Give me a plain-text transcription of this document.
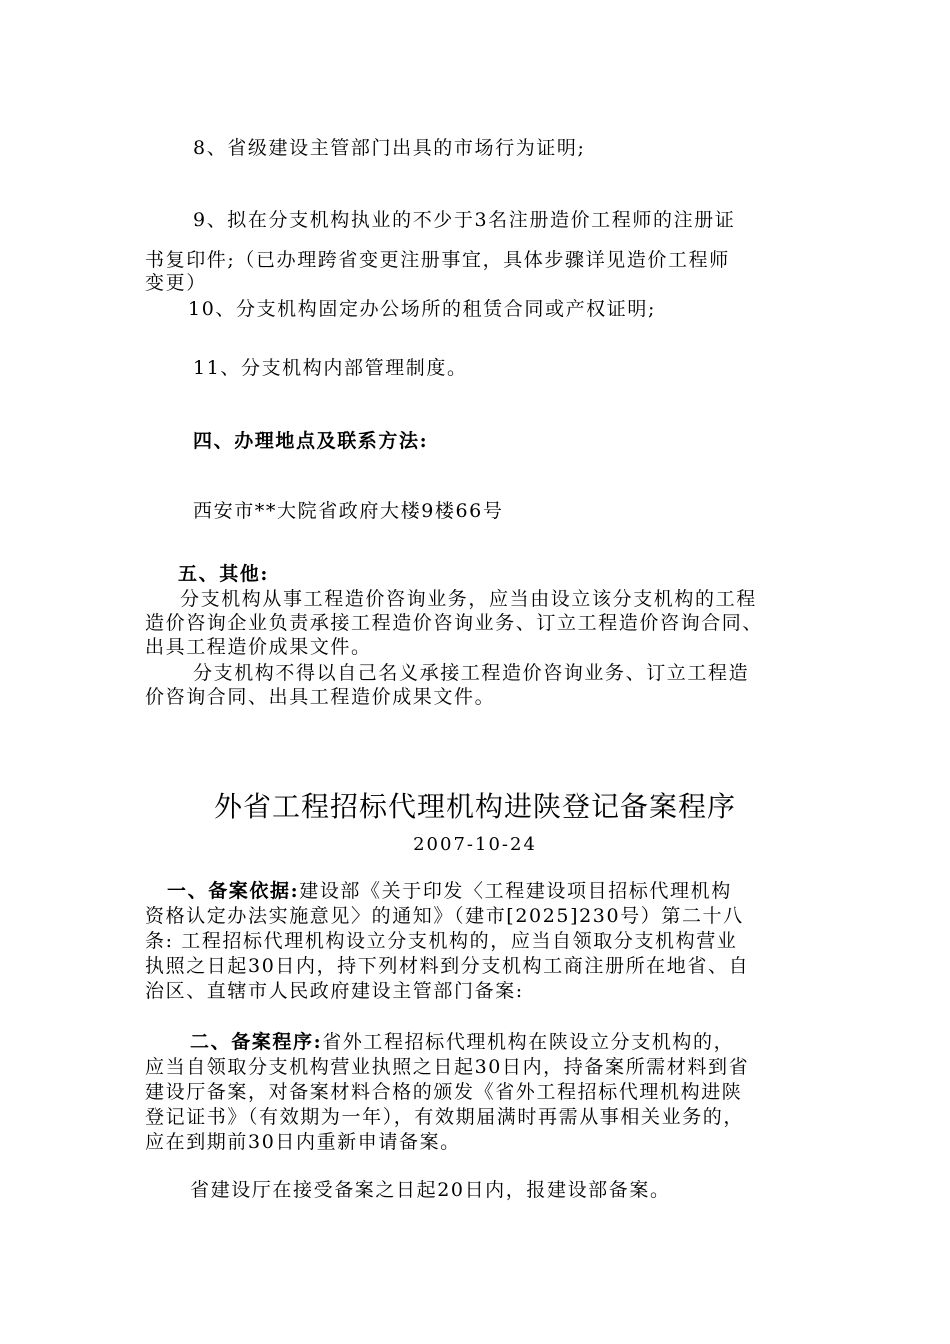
8、省级建设主管部门出具的市场行为证明;
9、拟在分支机构执业的不少于3名注册造价工程师的注册证
书复印件;（已办理跨省变更注册事宜，具体步骤详见造价工程师
变更）
10、分支机构固定办公场所的租赁合同或产权证明;
11、分支机构内部管理制度。
四、办理地点及联系方法:
西安市**大院省政府大楼9楼66号
五、其他:
分支机构从事工程造价咨询业务，应当由设立该分支机构的工程
造价咨询企业负责承接工程造价咨询业务、订立工程造价咨询合同、
出具工程造价成果文件。
分支机构不得以自己名义承接工程造价咨询业务、订立工程造
价咨询合同、出具工程造价成果文件。
外省工程招标代理机构进陕登记备案程序
2007-10-24
一、备案依据:建设部《关于印发〈工程建设项目招标代理机构
资格认定办法实施意见〉的通知》（建市[2025]230号）第二十八
条: 工程招标代理机构设立分支机构的，应当自领取分支机构营业
执照之日起30日内，持下列材料到分支机构工商注册所在地省、自
治区、直辖市人民政府建设主管部门备案:
二、备案程序:省外工程招标代理机构在陕设立分支机构的，
应当自领取分支机构营业执照之日起30日内，持备案所需材料到省
建设厅备案，对备案材料合格的颁发《省外工程招标代理机构进陕
登记证书》（有效期为一年），有效期届满时再需从事相关业务的，
应在到期前30日内重新申请备案。
省建设厅在接受备案之日起20日内，报建设部备案。
